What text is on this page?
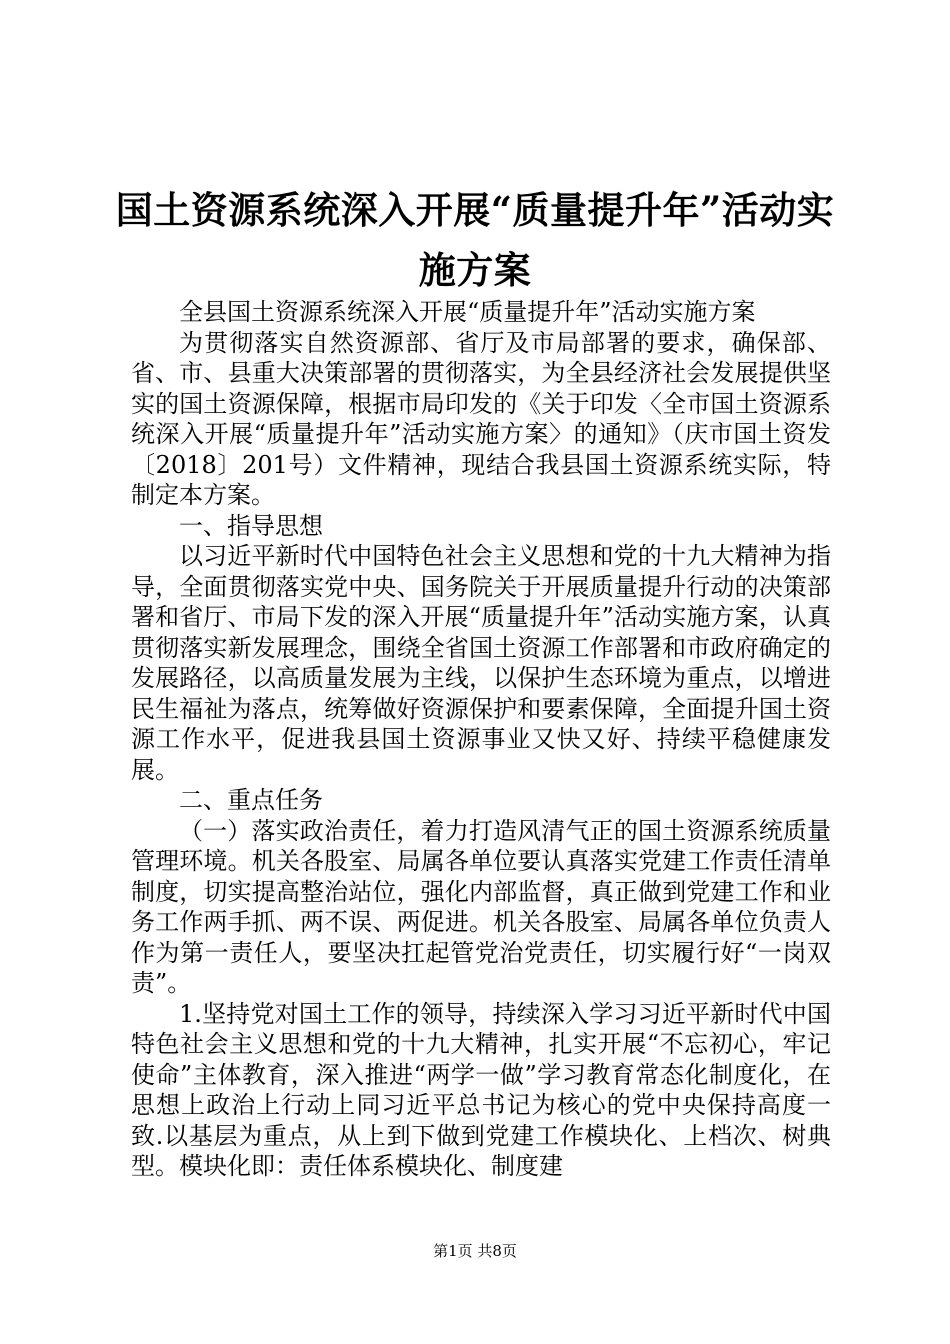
国土资源系统深入开展“质量提升年”活动实
施方案

全县国土资源系统深入开展“质量提升年”活动实施方案

为贯彻落实自然资源部、省厅及市局部署的要求，确保部、省、市、县重大决策部署的贯彻落实，为全县经济社会发展提供坚实的国土资源保障，根据市局印发的《关于印发〈全市国土资源系统深入开展“质量提升年”活动实施方案〉的通知》（庆市国土资发〔2018〕201号）文件精神，现结合我县国土资源系统实际，特制定本方案。

一、指导思想

以习近平新时代中国特色社会主义思想和党的十九大精神为指导，全面贯彻落实党中央、国务院关于开展质量提升行动的决策部署和省厅、市局下发的深入开展“质量提升年”活动实施方案，认真贯彻落实新发展理念，围绕全省国土资源工作部署和市政府确定的发展路径，以高质量发展为主线，以保护生态环境为重点，以增进民生福祉为落点，统筹做好资源保护和要素保障，全面提升国土资源工作水平，促进我县国土资源事业又快又好、持续平稳健康发展。

二、重点任务

（一）落实政治责任，着力打造风清气正的国土资源系统质量管理环境。机关各股室、局属各单位要认真落实党建工作责任清单制度，切实提高整治站位，强化内部监督，真正做到党建工作和业务工作两手抓、两不误、两促进。机关各股室、局属各单位负责人作为第一责任人，要坚决扛起管党治党责任，切实履行好“一岗双责”。

1.坚持党对国土工作的领导，持续深入学习习近平新时代中国特色社会主义思想和党的十九大精神，扎实开展“不忘初心，牢记使命”主体教育，深入推进“两学一做”学习教育常态化制度化，在思想上政治上行动上同习近平总书记为核心的党中央保持高度一致.以基层为重点，从上到下做到党建工作模块化、上档次、树典型。模块化即：责任体系模块化、制度建

第1页 共8页
